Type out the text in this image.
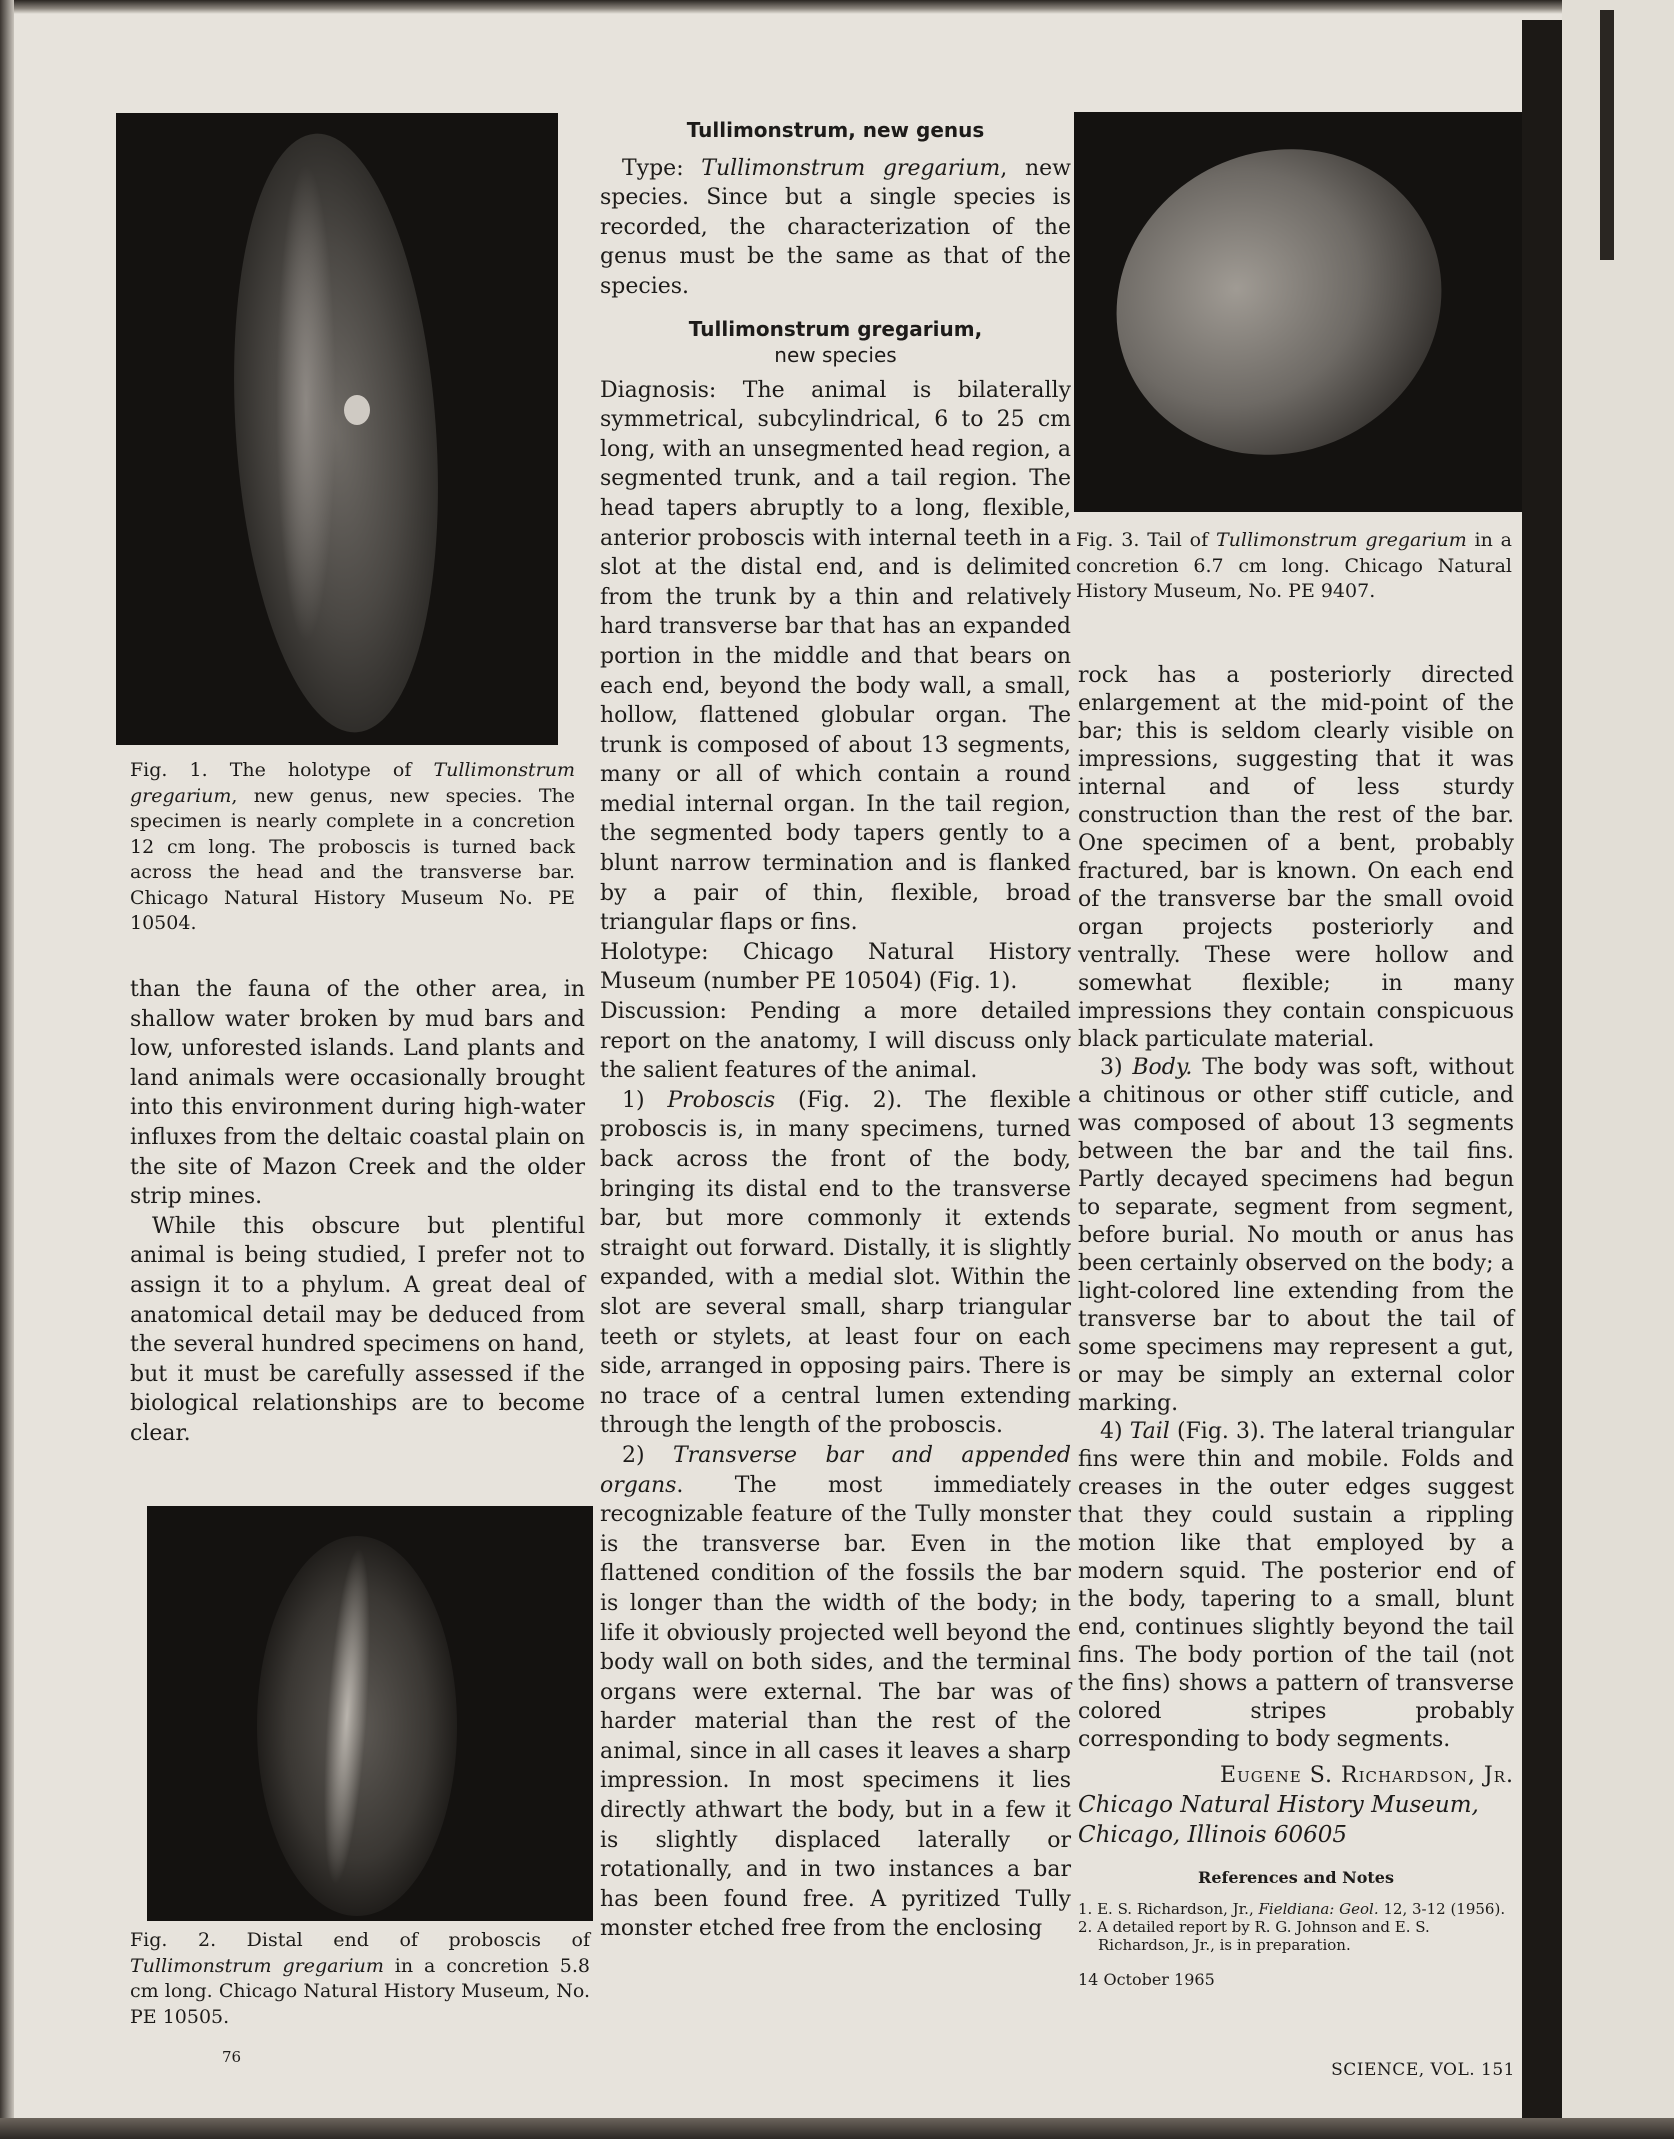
Fig. 1. The holotype of Tullimonstrum gregarium, new genus, new species. The specimen is nearly complete in a concretion 12 cm long. The proboscis is turned back across the head and the transverse bar. Chicago Natural History Museum No. PE 10504.

than the fauna of the other area, in shallow water broken by mud bars and low, unforested islands. Land plants and land animals were occasionally brought into this environment during high-water influxes from the deltaic coastal plain on the site of Mazon Creek and the older strip mines.

While this obscure but plentiful animal is being studied, I prefer not to assign it to a phylum. A great deal of anatomical detail may be deduced from the several hundred specimens on hand, but it must be carefully assessed if the biological relationships are to become clear.

Fig. 2. Distal end of proboscis of Tullimonstrum gregarium in a concretion 5.8 cm long. Chicago Natural History Museum, No. PE 10505.
76
Tullimonstrum, new genus

Type: Tullimonstrum gregarium, new species. Since but a single species is recorded, the characterization of the genus must be the same as that of the species.

Tullimonstrum gregarium,
new species

Diagnosis: The animal is bilaterally symmetrical, subcylindrical, 6 to 25 cm long, with an unsegmented head region, a segmented trunk, and a tail region. The head tapers abruptly to a long, flexible, anterior proboscis with internal teeth in a slot at the distal end, and is delimited from the trunk by a thin and relatively hard transverse bar that has an expanded portion in the middle and that bears on each end, beyond the body wall, a small, hollow, flattened globular organ. The trunk is composed of about 13 segments, many or all of which contain a round medial internal organ. In the tail region, the segmented body tapers gently to a blunt narrow termination and is flanked by a pair of thin, flexible, broad triangular flaps or fins.

Holotype: Chicago Natural History Museum (number PE 10504) (Fig. 1).

Discussion: Pending a more detailed report on the anatomy, I will discuss only the salient features of the animal.

1) Proboscis (Fig. 2). The flexible proboscis is, in many specimens, turned back across the front of the body, bringing its distal end to the transverse bar, but more commonly it extends straight out forward. Distally, it is slightly expanded, with a medial slot. Within the slot are several small, sharp triangular teeth or stylets, at least four on each side, arranged in opposing pairs. There is no trace of a central lumen extending through the length of the proboscis.

2) Transverse bar and appended organs. The most immediately recognizable feature of the Tully monster is the transverse bar. Even in the flattened condition of the fossils the bar is longer than the width of the body; in life it obviously projected well beyond the body wall on both sides, and the terminal organs were external. The bar was of harder material than the rest of the animal, since in all cases it leaves a sharp impression. In most specimens it lies directly athwart the body, but in a few it is slightly displaced laterally or rotationally, and in two instances a bar has been found free. A pyritized Tully monster etched free from the enclosing

Fig. 3. Tail of Tullimonstrum gregarium in a concretion 6.7 cm long. Chicago Natural History Museum, No. PE 9407.

rock has a posteriorly directed enlargement at the mid-point of the bar; this is seldom clearly visible on impressions, suggesting that it was internal and of less sturdy construction than the rest of the bar. One specimen of a bent, probably fractured, bar is known. On each end of the transverse bar the small ovoid organ projects posteriorly and ventrally. These were hollow and somewhat flexible; in many impressions they contain conspicuous black particulate material.

3) Body. The body was soft, without a chitinous or other stiff cuticle, and was composed of about 13 segments between the bar and the tail fins. Partly decayed specimens had begun to separate, segment from segment, before burial. No mouth or anus has been certainly observed on the body; a light-colored line extending from the transverse bar to about the tail of some specimens may represent a gut, or may be simply an external color marking.

4) Tail (Fig. 3). The lateral triangular fins were thin and mobile. Folds and creases in the outer edges suggest that they could sustain a rippling motion like that employed by a modern squid. The posterior end of the body, tapering to a small, blunt end, continues slightly beyond the tail fins. The body portion of the tail (not the fins) shows a pattern of transverse colored stripes probably corresponding to body segments.

Eugene S. Richardson, Jr.
Chicago Natural History Museum,
Chicago, Illinois 60605
References and Notes
1. E. S. Richardson, Jr., Fieldiana: Geol. 12, 3-12 (1956).
2. A detailed report by R. G. Johnson and E. S. Richardson, Jr., is in preparation.
14 October 1965
SCIENCE, VOL. 151
